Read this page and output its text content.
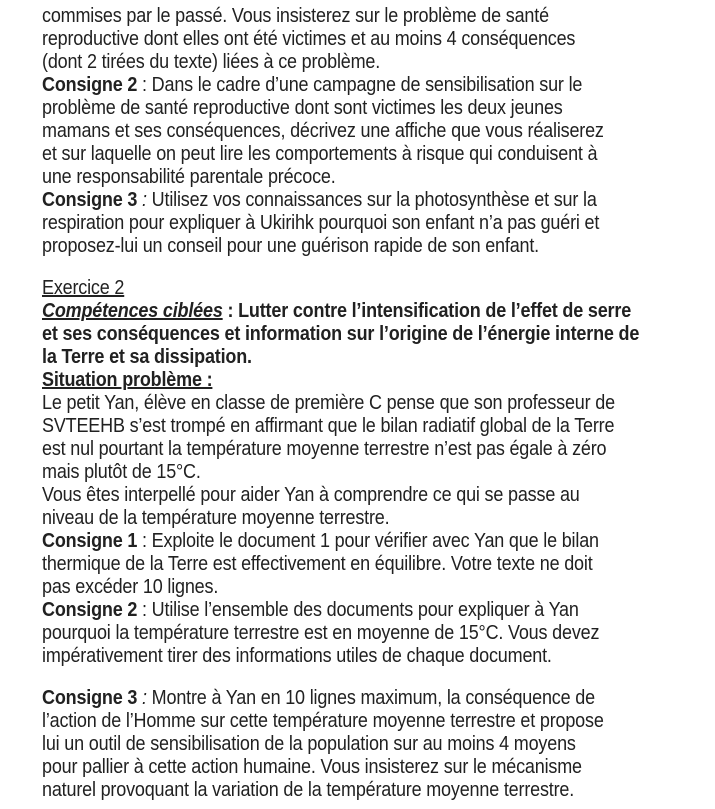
commises par le passé. Vous insisterez sur le problème de santé
reproductive dont elles ont été victimes et au moins 4 conséquences
(dont 2 tirées du texte) liées à ce problème.
Consigne 2 : Dans le cadre d’une campagne de sensibilisation sur le
problème de santé reproductive dont sont victimes les deux jeunes
mamans et ses conséquences, décrivez une affiche que vous réaliserez
et sur laquelle on peut lire les comportements à risque qui conduisent à
une responsabilité parentale précoce.
Consigne 3 : Utilisez vos connaissances sur la photosynthèse et sur la
respiration pour expliquer à Ukirihk pourquoi son enfant n’a pas guéri et
proposez-lui un conseil pour une guérison rapide de son enfant.
Exercice 2
Compétences ciblées : Lutter contre l’intensification de l’effet de serre
et ses conséquences et information sur l’origine de l’énergie interne de
la Terre et sa dissipation.
Situation problème :
Le petit Yan, élève en classe de première C pense que son professeur de
SVTEEHB s’est trompé en affirmant que le bilan radiatif global de la Terre
est nul pourtant la température moyenne terrestre n’est pas égale à zéro
mais plutôt de 15°C.
Vous êtes interpellé pour aider Yan à comprendre ce qui se passe au
niveau de la température moyenne terrestre.
Consigne 1 : Exploite le document 1 pour vérifier avec Yan que le bilan
thermique de la Terre est effectivement en équilibre. Votre texte ne doit
pas excéder 10 lignes.
Consigne 2 : Utilise l’ensemble des documents pour expliquer à Yan
pourquoi la température terrestre est en moyenne de 15°C. Vous devez
impérativement tirer des informations utiles de chaque document.
Consigne 3 : Montre à Yan en 10 lignes maximum, la conséquence de
l’action de l’Homme sur cette température moyenne terrestre et propose
lui un outil de sensibilisation de la population sur au moins 4 moyens
pour pallier à cette action humaine. Vous insisterez sur le mécanisme
naturel provoquant la variation de la température moyenne terrestre.
